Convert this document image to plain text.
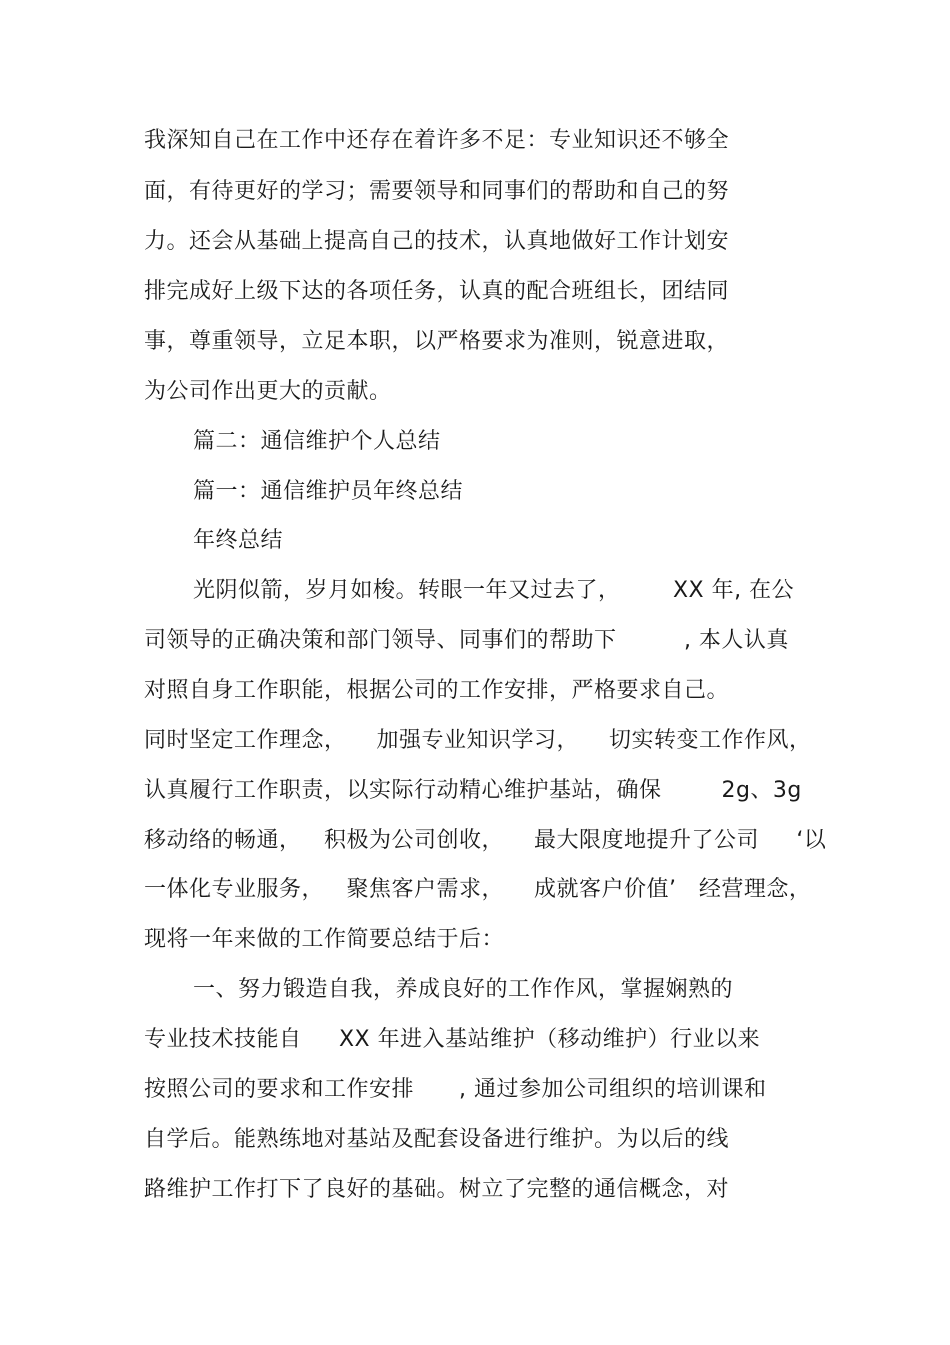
我深知自己在工作中还存在着许多不足：专业知识还不够全
面，有待更好的学习；需要领导和同事们的帮助和自己的努
力。还会从基础上提高自己的技术，认真地做好工作计划安
排完成好上级下达的各项任务，认真的配合班组长，团结同
事，尊重领导，立足本职，以严格要求为准则，锐意进取，
为公司作出更大的贡献。
篇二：通信维护个人总结
篇一：通信维护员年终总结
年终总结
光阴似箭，岁月如梭。转眼一年又过去了，       XX 年, 在公
司领导的正确决策和部门领导、同事们的帮助下         , 本人认真
对照自身工作职能，根据公司的工作安排，严格要求自己。
同时坚定工作理念，    加强专业知识学习，    切实转变工作作风，
认真履行工作职责，以实际行动精心维护基站，确保        2g、3g
移动络的畅通，   积极为公司创收，    最大限度地提升了公司     ‘以
一体化专业服务，   聚焦客户需求，    成就客户价值’   经营理念，
现将一年来做的工作简要总结于后：
一、努力锻造自我，养成良好的工作作风，掌握娴熟的
专业技术技能自     XX 年进入基站维护（移动维护）行业以来
按照公司的要求和工作安排      , 通过参加公司组织的培训课和
自学后。能熟练地对基站及配套设备进行维护。为以后的线
路维护工作打下了良好的基础。树立了完整的通信概念，对
